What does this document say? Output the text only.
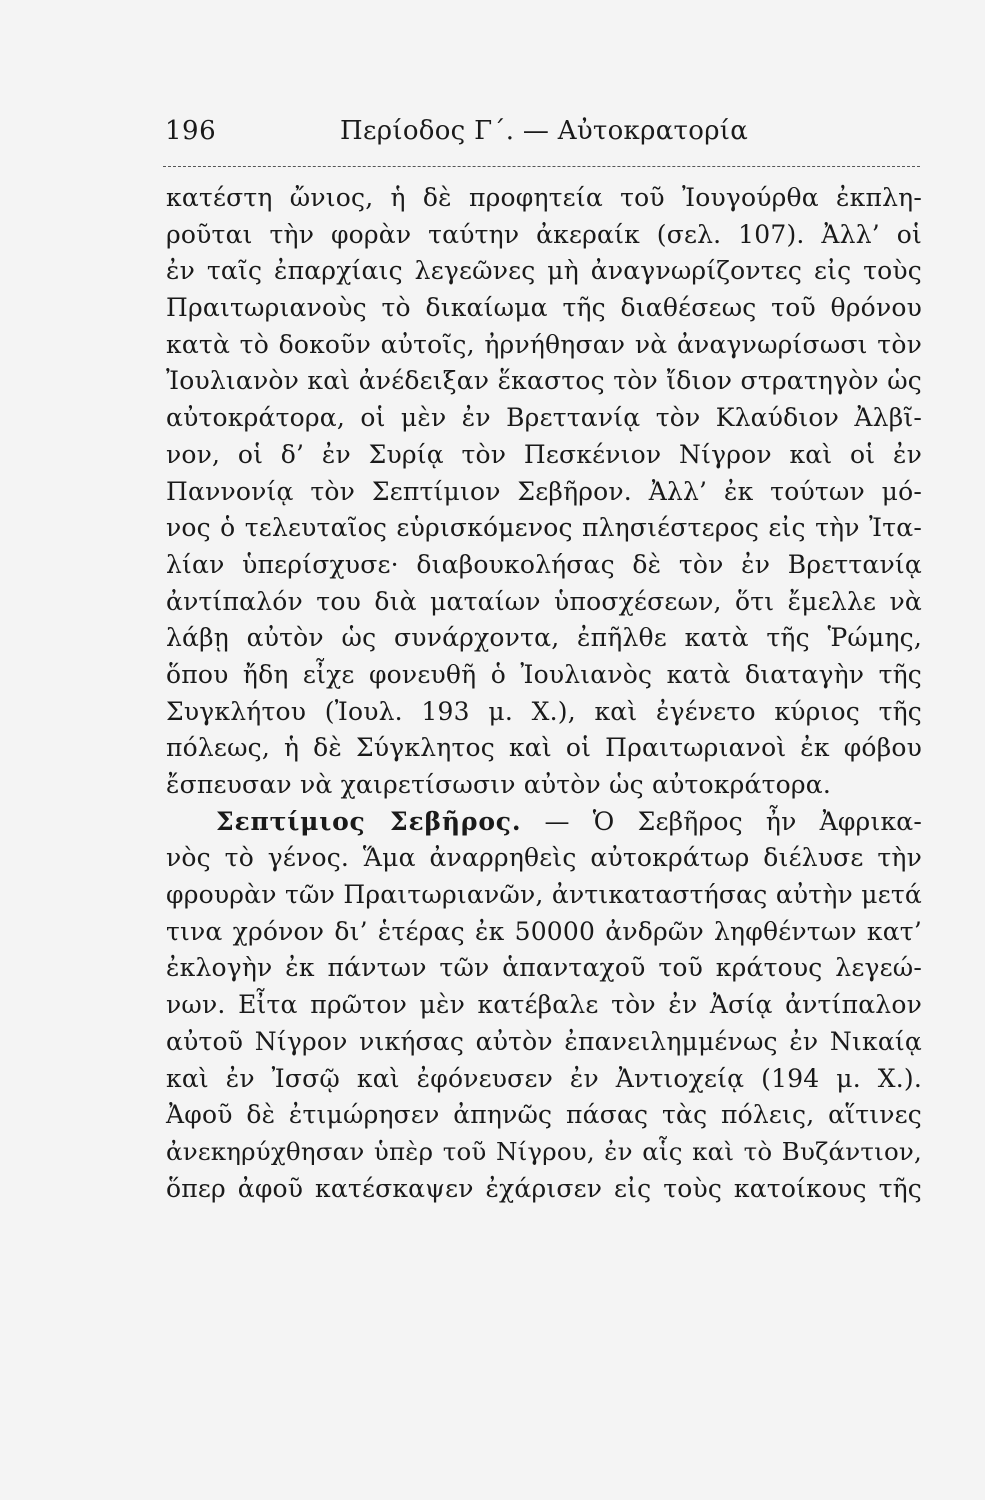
196	Περίοδος Γ΄. — Αὐτοκρατορία
κατέστη ὤνιος, ἡ δὲ προφητεία τοῦ Ἰουγούρθα ἐκπλη-
ροῦται τὴν φορὰν ταύτην ἀκεραίκ (σελ. 107). Ἀλλ’ οἱ
ἐν ταῖς ἐπαρχίαις λεγεῶνες μὴ ἀναγνωρίζοντες εἰς τοὺς
Πραιτωριανοὺς τὸ δικαίωμα τῆς διαθέσεως τοῦ θρόνου
κατὰ τὸ δοκοῦν αὐτοῖς, ἠρνήθησαν νὰ ἀναγνωρίσωσι τὸν
Ἰουλιανὸν καὶ ἀνέδειξαν ἕκαστος τὸν ἴδιον στρατηγὸν ὡς
αὐτοκράτορα, οἱ μὲν ἐν Βρεττανίᾳ τὸν Κλαύδιον Ἀλβῖ-
νον, οἱ δ’ ἐν Συρίᾳ τὸν Πεσκένιον Νίγρον καὶ οἱ ἐν
Παννονίᾳ τὸν Σεπτίμιον Σεβῆρον. Ἀλλ’ ἐκ τούτων μό-
νος ὁ τελευταῖος εὑρισκόμενος πλησιέστερος εἰς τὴν Ἰτα-
λίαν ὑπερίσχυσε· διαβουκολήσας δὲ τὸν ἐν Βρεττανίᾳ
ἀντίπαλόν του διὰ ματαίων ὑποσχέσεων, ὅτι ἔμελλε νὰ
λάβῃ αὐτὸν ὡς συνάρχοντα, ἐπῆλθε κατὰ τῆς Ῥώμης,
ὅπου ἤδη εἶχε φονευθῆ ὁ Ἰουλιανὸς κατὰ διαταγὴν τῆς
Συγκλήτου (Ἰουλ. 193 μ. Χ.), καὶ ἐγένετο κύριος τῆς
πόλεως, ἡ δὲ Σύγκλητος καὶ οἱ Πραιτωριανοὶ ἐκ φόβου
ἔσπευσαν νὰ χαιρετίσωσιν αὐτὸν ὡς αὐτοκράτορα.
Σεπτίμιος Σεβῆρος. — Ὁ Σεβῆρος ἦν Ἀφρικα-
νὸς τὸ γένος. Ἅμα ἀναρρηθεὶς αὐτοκράτωρ διέλυσε τὴν
φρουρὰν τῶν Πραιτωριανῶν, ἀντικαταστήσας αὐτὴν μετά
τινα χρόνον δι’ ἑτέρας ἐκ 50000 ἀνδρῶν ληφθέντων κατ’
ἐκλογὴν ἐκ πάντων τῶν ἁπανταχοῦ τοῦ κράτους λεγεώ-
νων. Εἶτα πρῶτον μὲν κατέβαλε τὸν ἐν Ἀσίᾳ ἀντίπαλον
αὐτοῦ Νίγρον νικήσας αὐτὸν ἐπανειλημμένως ἐν Νικαίᾳ
καὶ ἐν Ἰσσῷ καὶ ἐφόνευσεν ἐν Ἀντιοχείᾳ (194 μ. Χ.).
Ἀφοῦ δὲ ἐτιμώρησεν ἀπηνῶς πάσας τὰς πόλεις, αἵτινες
ἀνεκηρύχθησαν ὑπὲρ τοῦ Νίγρου, ἐν αἷς καὶ τὸ Βυζάντιον,
ὅπερ ἀφοῦ κατέσκαψεν ἐχάρισεν εἰς τοὺς κατοίκους τῆς
